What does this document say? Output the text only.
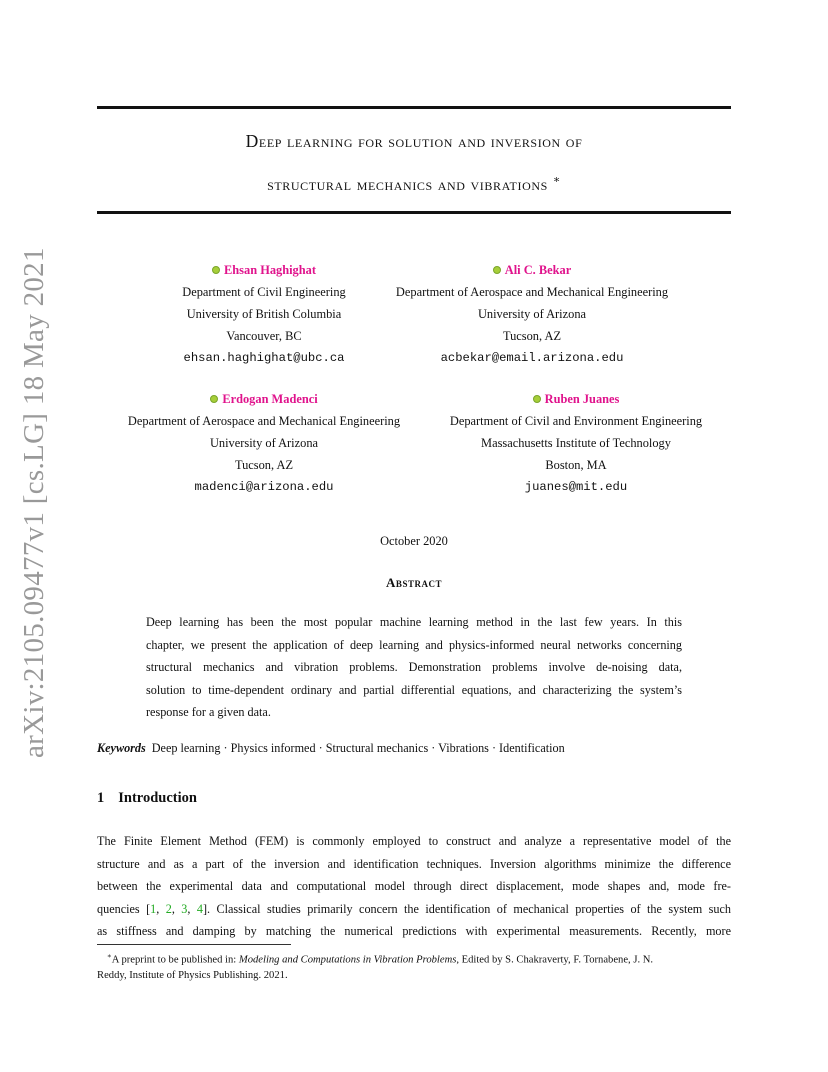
arXiv:2105.09477v1 [cs.LG] 18 May 2021
Deep learning for solution and inversion of
structural mechanics and vibrations ∗
Ehsan Haghighat
Department of Civil Engineering
University of British Columbia
Vancouver, BC
ehsan.haghighat@ubc.ca
Ali C. Bekar
Department of Aerospace and Mechanical Engineering
University of Arizona
Tucson, AZ
acbekar@email.arizona.edu
Erdogan Madenci
Department of Aerospace and Mechanical Engineering
University of Arizona
Tucson, AZ
madenci@arizona.edu
Ruben Juanes
Department of Civil and Environment Engineering
Massachusetts Institute of Technology
Boston, MA
juanes@mit.edu
October 2020
Abstract
Deep learning has been the most popular machine learning method in the last few years. In this
chapter, we present the application of deep learning and physics-informed neural networks concerning
structural mechanics and vibration problems. Demonstration problems involve de-noising data,
solution to time-dependent ordinary and partial differential equations, and characterizing the system’s
response for a given data.
Keywords Deep learning · Physics informed · Structural mechanics · Vibrations · Identification
1 Introduction
The Finite Element Method (FEM) is commonly employed to construct and analyze a representative model of the
structure and as a part of the inversion and identification techniques. Inversion algorithms minimize the difference
between the experimental data and computational model through direct displacement, mode shapes and, mode fre-
quencies [1, 2, 3, 4]. Classical studies primarily concern the identification of mechanical properties of the system such
as stiffness and damping by matching the numerical predictions with experimental measurements. Recently, more
∗A preprint to be published in: Modeling and Computations in Vibration Problems, Edited by S. Chakraverty, F. Tornabene, J. N.
Reddy, Institute of Physics Publishing. 2021.
